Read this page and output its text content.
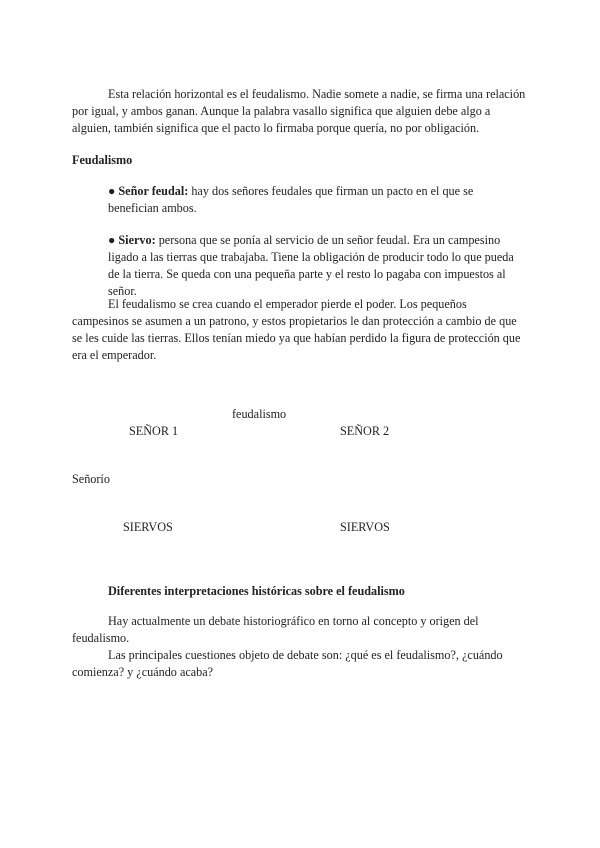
Esta relación horizontal es el feudalismo. Nadie somete a nadie, se firma una relación por igual, y ambos ganan. Aunque la palabra vasallo significa que alguien debe algo a alguien, también significa que el pacto lo firmaba porque quería, no por obligación.

Feudalismo

● Señor feudal: hay dos señores feudales que firman un pacto en el que se benefician ambos.

● Siervo: persona que se ponía al servicio de un señor feudal. Era un campesino ligado a las tierras que trabajaba. Tiene la obligación de producir todo lo que pueda de la tierra. Se queda con una pequeña parte y el resto lo pagaba con impuestos al señor.

El feudalismo se crea cuando el emperador pierde el poder. Los pequeños campesinos se asumen a un patrono, y estos propietarios le dan protección a cambio de que se les cuide las tierras. Ellos tenían miedo ya que habían perdido la figura de protección que era el emperador.

feudalismo
SEÑOR 1	SEÑOR 2
Señorío
SIERVOS	SIERVOS

Diferentes interpretaciones históricas sobre el feudalismo

Hay actualmente un debate historiográfico en torno al concepto y origen del feudalismo.

Las principales cuestiones objeto de debate son: ¿qué es el feudalismo?, ¿cuándo comienza? y ¿cuándo acaba?
